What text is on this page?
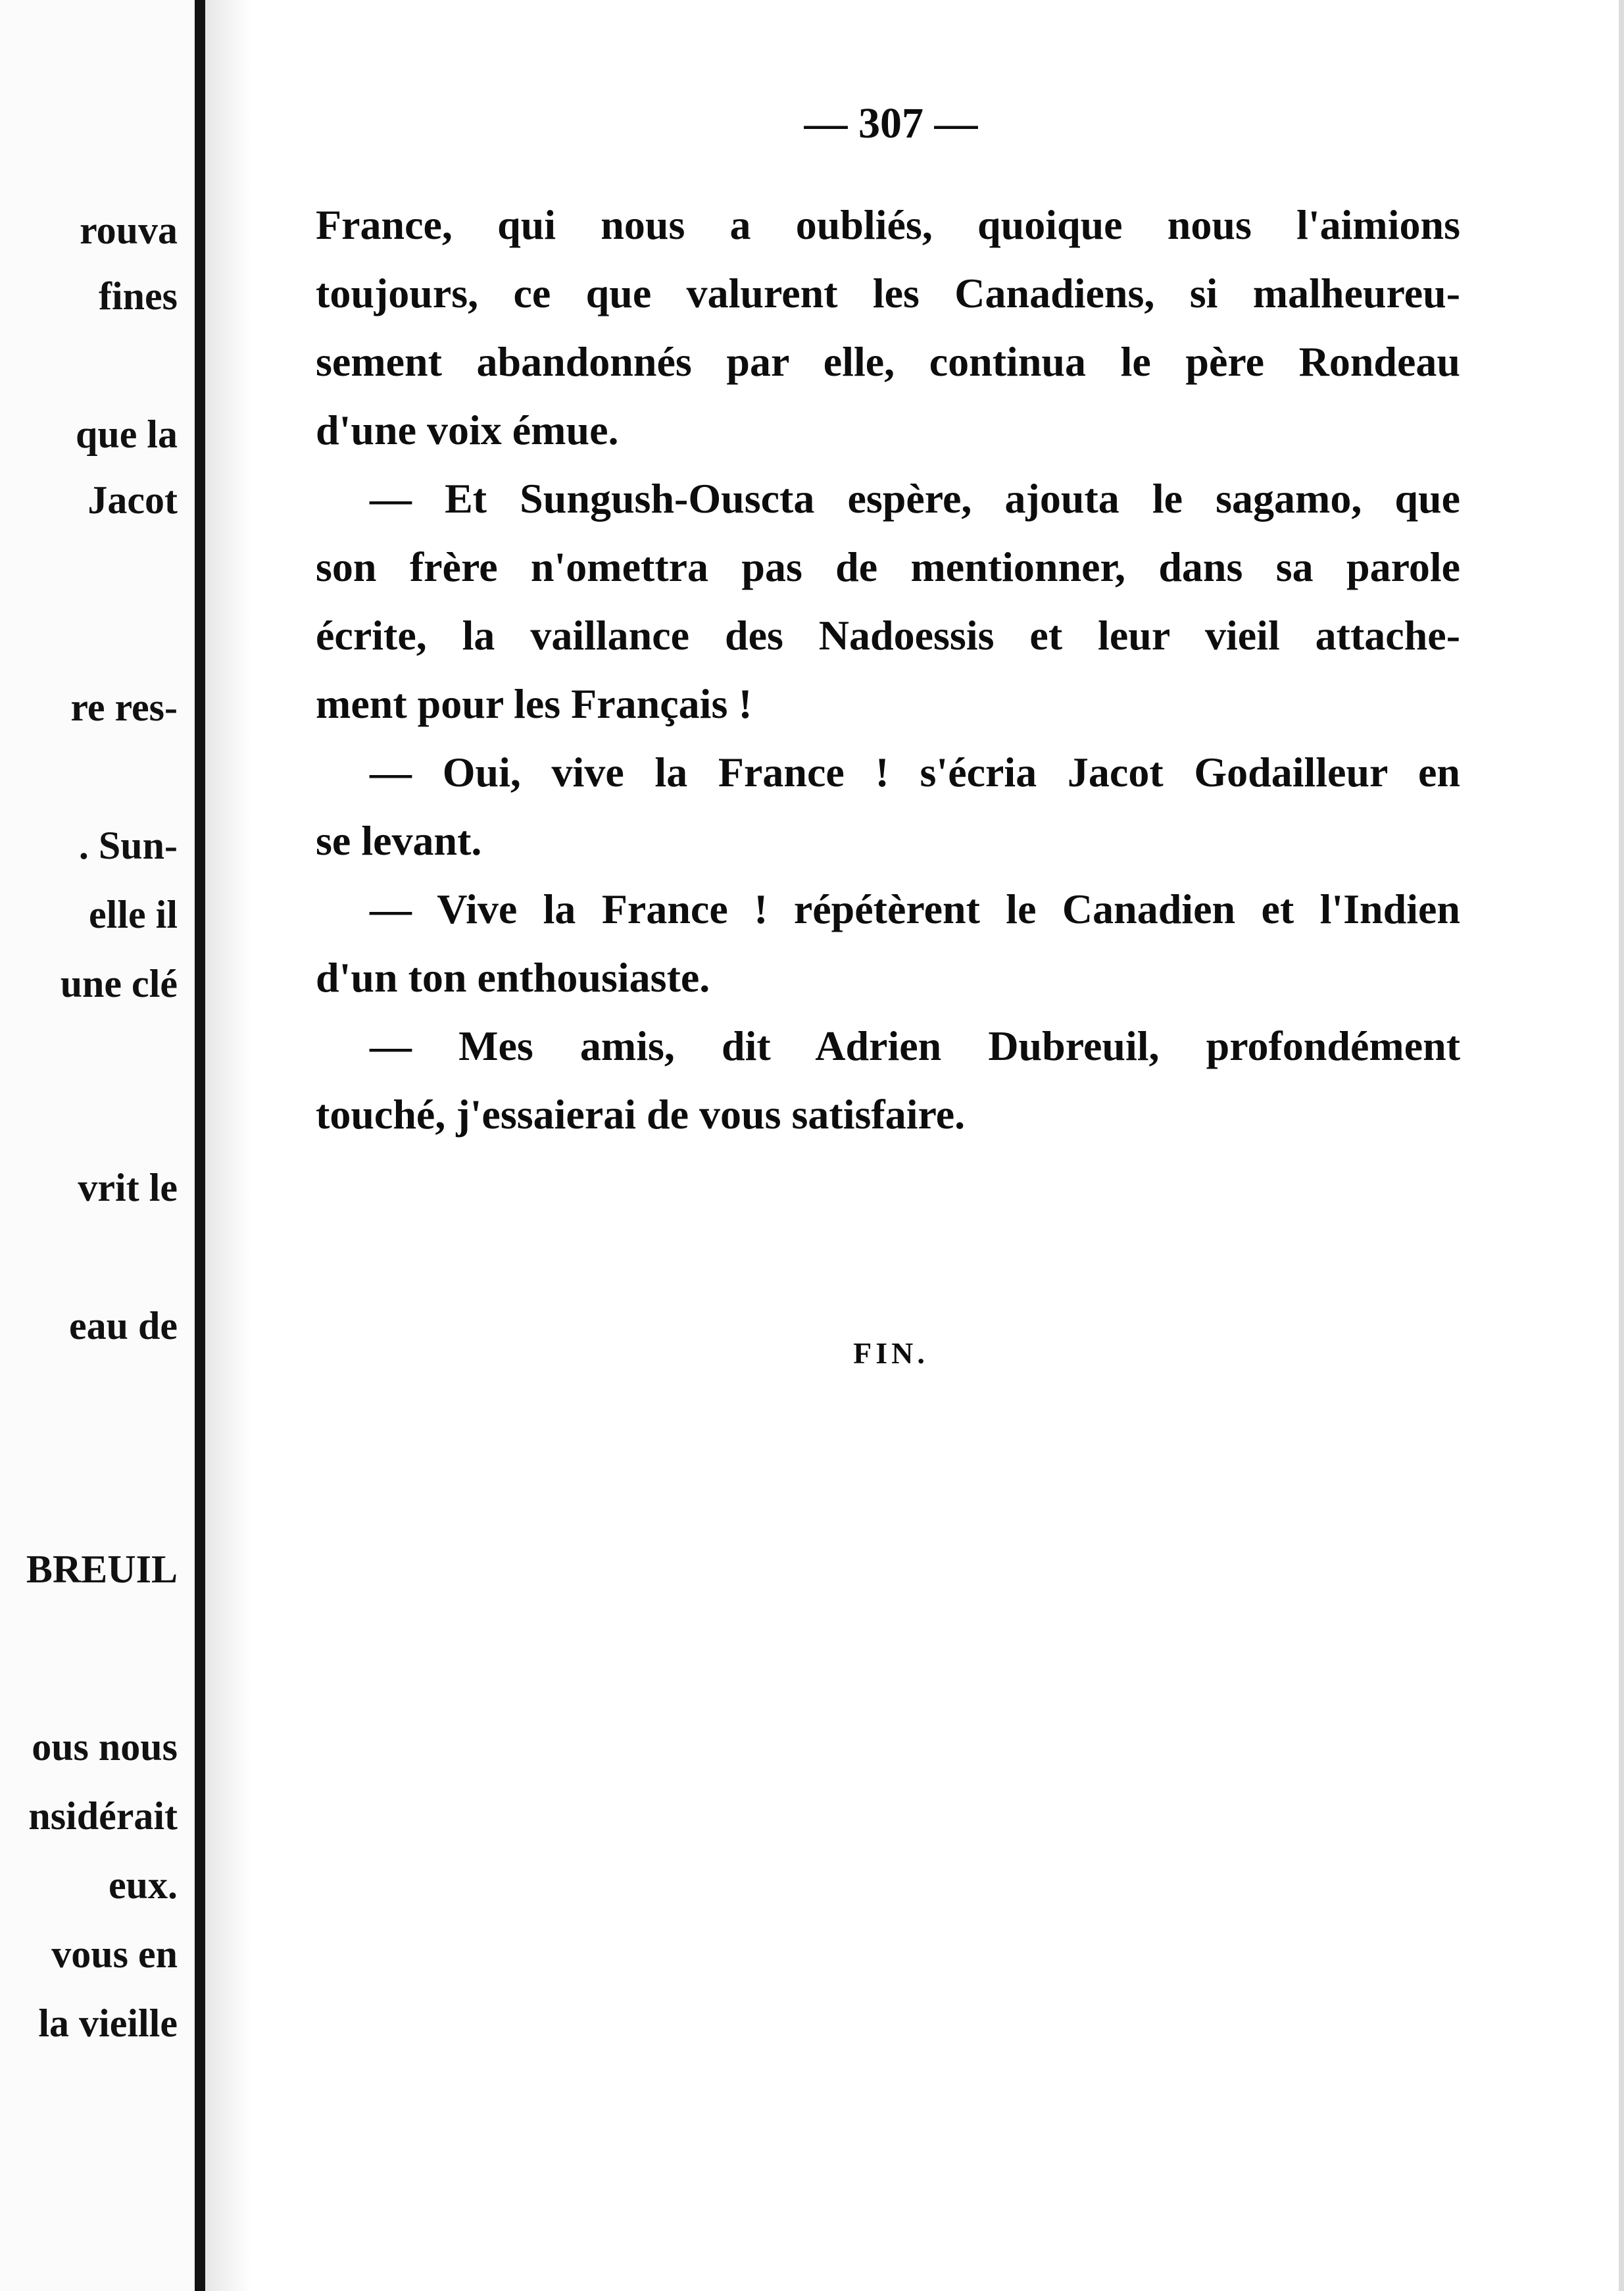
rouva
fines
que la
Jacot
re res-
. Sun-
elle il
une clé
vrit le
eau de
BREUIL
ous nous
nsidérait
eux.
vous en
la vieille
— 307 —
France, qui nous a oubliés, quoique nous l'aimions
toujours, ce que valurent les Canadiens, si malheureu-
sement abandonnés par elle, continua le père Rondeau
d'une voix émue.
— Et Sungush-Ouscta espère, ajouta le sagamo, que
son frère n'omettra pas de mentionner, dans sa parole
écrite, la vaillance des Nadoessis et leur vieil attache-
ment pour les Français !
— Oui, vive la France ! s'écria Jacot Godailleur en
se levant.
— Vive la France ! répétèrent le Canadien et l'Indien
d'un ton enthousiaste.
— Mes amis, dit Adrien Dubreuil, profondément
touché, j'essaierai de vous satisfaire.
FIN.
